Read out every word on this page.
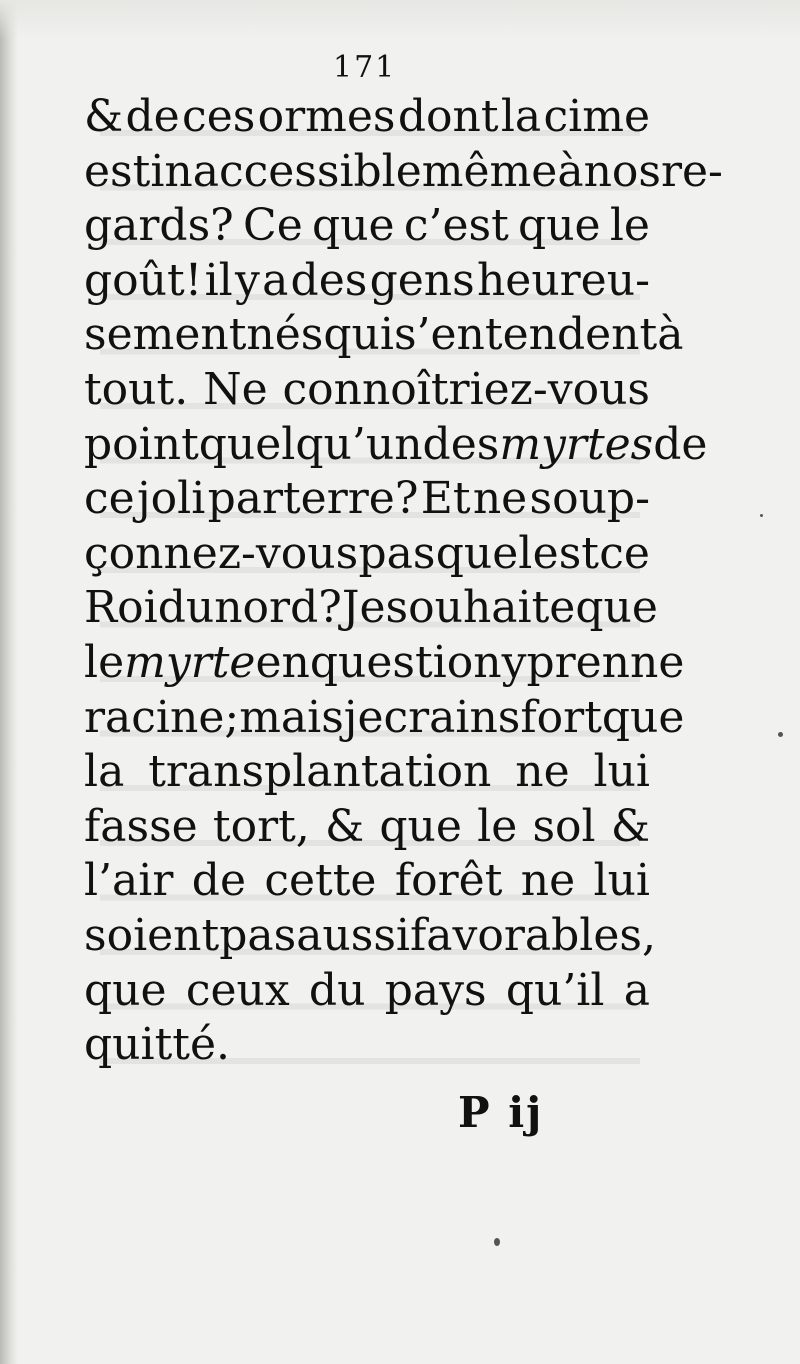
171
& de ces ormes dont la cime
est inaccessible même à nos re-
gards? Ce que c’est que le
goût! il y a des gens heureu-
sement nés qui s’entendent à
tout. Ne connoîtriez-vous
point quelqu’un des myrtes de
ce joli parterre? Et ne soup-
çonnez-vous pas quel est ce
Roi du nord? Je souhaite que
le myrte en question y prenne
racine; mais je crains fort que
la transplantation ne lui
fasse tort, & que le sol &
l’air de cette forêt ne lui
soient pas aussi favorables,
que ceux du pays qu’il a
quitté.
P ij
